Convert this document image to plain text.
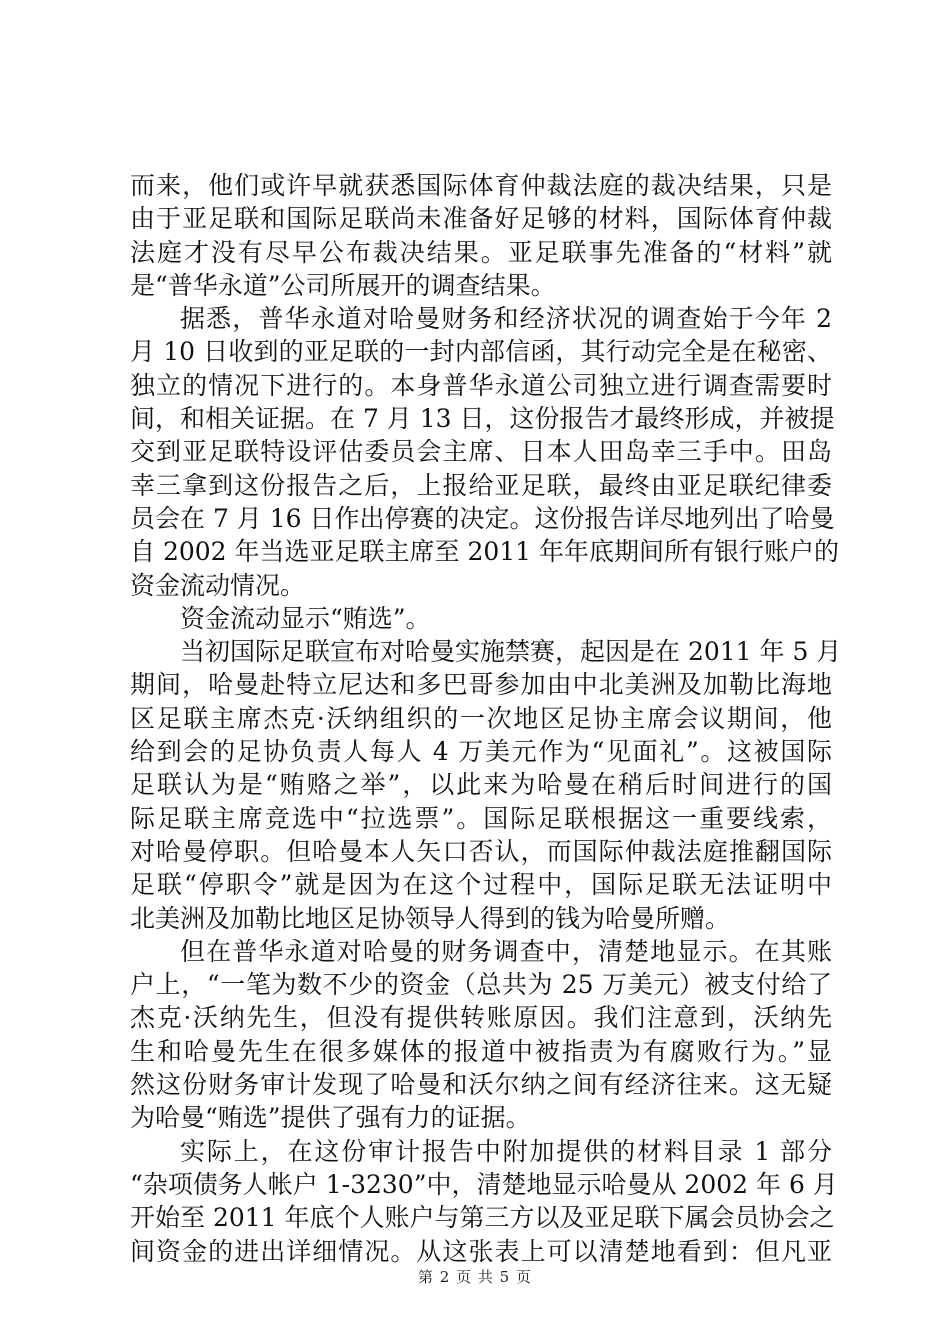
而来，他们或许早就获悉国际体育仲裁法庭的裁决结果，只是
由于亚足联和国际足联尚未准备好足够的材料，国际体育仲裁
法庭才没有尽早公布裁决结果。亚足联事先准备的“材料”就
是“普华永道”公司所展开的调查结果。
据悉，普华永道对哈曼财务和经济状况的调查始于今年 2
月 10 日收到的亚足联的一封内部信函，其行动完全是在秘密、
独立的情况下进行的。本身普华永道公司独立进行调查需要时
间，和相关证据。在 7 月 13 日，这份报告才最终形成，并被提
交到亚足联特设评估委员会主席、日本人田岛幸三手中。田岛
幸三拿到这份报告之后，上报给亚足联，最终由亚足联纪律委
员会在 7 月 16 日作出停赛的决定。这份报告详尽地列出了哈曼
自 2002 年当选亚足联主席至 2011 年年底期间所有银行账户的
资金流动情况。
资金流动显示“贿选”。
当初国际足联宣布对哈曼实施禁赛，起因是在 2011 年 5 月
期间，哈曼赴特立尼达和多巴哥参加由中北美洲及加勒比海地
区足联主席杰克·沃纳组织的一次地区足协主席会议期间，他
给到会的足协负责人每人 4 万美元作为“见面礼”。这被国际
足联认为是“贿赂之举”，以此来为哈曼在稍后时间进行的国
际足联主席竞选中“拉选票”。国际足联根据这一重要线索，
对哈曼停职。但哈曼本人矢口否认，而国际仲裁法庭推翻国际
足联“停职令”就是因为在这个过程中，国际足联无法证明中
北美洲及加勒比地区足协领导人得到的钱为哈曼所赠。
但在普华永道对哈曼的财务调查中，清楚地显示。在其账
户上，“一笔为数不少的资金（总共为 25 万美元）被支付给了
杰克·沃纳先生，但没有提供转账原因。我们注意到，沃纳先
生和哈曼先生在很多媒体的报道中被指责为有腐败行为。”显
然这份财务审计发现了哈曼和沃尔纳之间有经济往来。这无疑
为哈曼“贿选”提供了强有力的证据。
实际上，在这份审计报告中附加提供的材料目录 1 部分
“杂项债务人帐户 1-3230”中，清楚地显示哈曼从 2002 年 6 月
开始至 2011 年底个人账户与第三方以及亚足联下属会员协会之
间资金的进出详细情况。从这张表上可以清楚地看到：但凡亚
第 2 页 共 5 页
